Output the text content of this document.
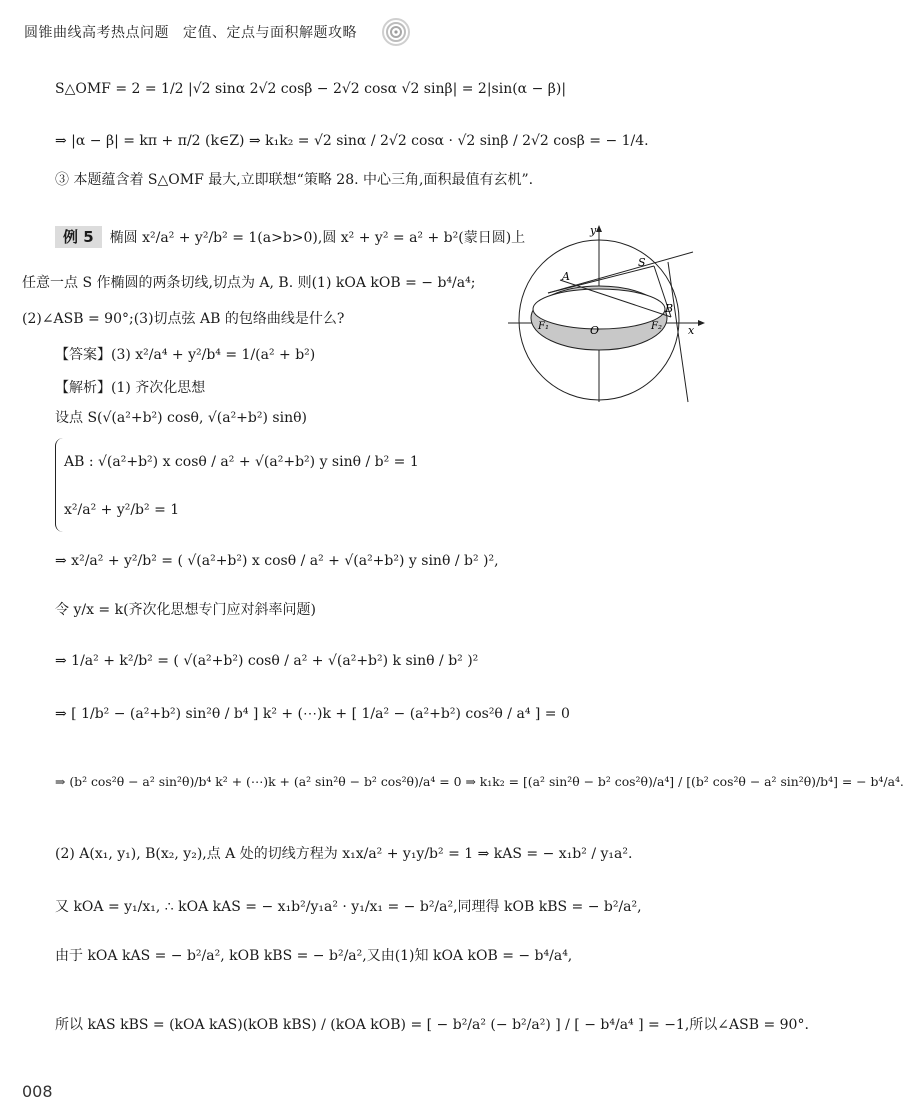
圆锥曲线高考热点问题 定值、定点与面积解题攻略
S△OMF = 2 = 1/2 |√2 sinα 2√2 cosβ − 2√2 cosα √2 sinβ| = 2|sin(α − β)|
⇒ |α − β| = kπ + π/2 (k∈Z) ⇒ k₁k₂ = √2 sinα / 2√2 cosα · √2 sinβ / 2√2 cosβ = − 1/4.
③ 本题蕴含着 S△OMF 最大,立即联想“策略 28. 中心三角,面积最值有玄机”.
例 5 椭圆 x²/a² + y²/b² = 1(a>b>0),圆 x² + y² = a² + b²(蒙日圆)上
任意一点 S 作椭圆的两条切线,切点为 A, B. 则(1) kOA kOB = − b⁴/a⁴;
(2)∠ASB = 90°;(3)切点弦 AB 的包络曲线是什么?
【答案】(3) x²/a⁴ + y²/b⁴ = 1/(a² + b²)
【解析】(1) 齐次化思想
设点 S(√(a²+b²) cosθ, √(a²+b²) sinθ)
AB : √(a²+b²) x cosθ / a² + √(a²+b²) y sinθ / b² = 1
x²/a² + y²/b² = 1
⇒ x²/a² + y²/b² = ( √(a²+b²) x cosθ / a² + √(a²+b²) y sinθ / b² )²,
令 y/x = k(齐次化思想专门应对斜率问题)
⇒ 1/a² + k²/b² = ( √(a²+b²) cosθ / a² + √(a²+b²) k sinθ / b² )²
⇒ [ 1/b² − (a²+b²) sin²θ / b⁴ ] k² + (⋯)k + [ 1/a² − (a²+b²) cos²θ / a⁴ ] = 0
⇒ (b² cos²θ − a² sin²θ)/b⁴ k² + (⋯)k + (a² sin²θ − b² cos²θ)/a⁴ = 0 ⇒ k₁k₂ = [(a² sin²θ − b² cos²θ)/a⁴] / [(b² cos²θ − a² sin²θ)/b⁴] = − b⁴/a⁴.
(2) A(x₁, y₁), B(x₂, y₂),点 A 处的切线方程为 x₁x/a² + y₁y/b² = 1 ⇒ kAS = − x₁b² / y₁a².
又 kOA = y₁/x₁, ∴ kOA kAS = − x₁b²/y₁a² · y₁/x₁ = − b²/a²,同理得 kOB kBS = − b²/a²,
由于 kOA kAS = − b²/a², kOB kBS = − b²/a²,又由(1)知 kOA kOB = − b⁴/a⁴,
所以 kAS kBS = (kOA kAS)(kOB kBS) / (kOA kOB) = [ − b²/a² (− b²/a²) ] / [ − b⁴/a⁴ ] = −1,所以∠ASB = 90°.
y
x
O
S
A
B
F₁	F₂
008
